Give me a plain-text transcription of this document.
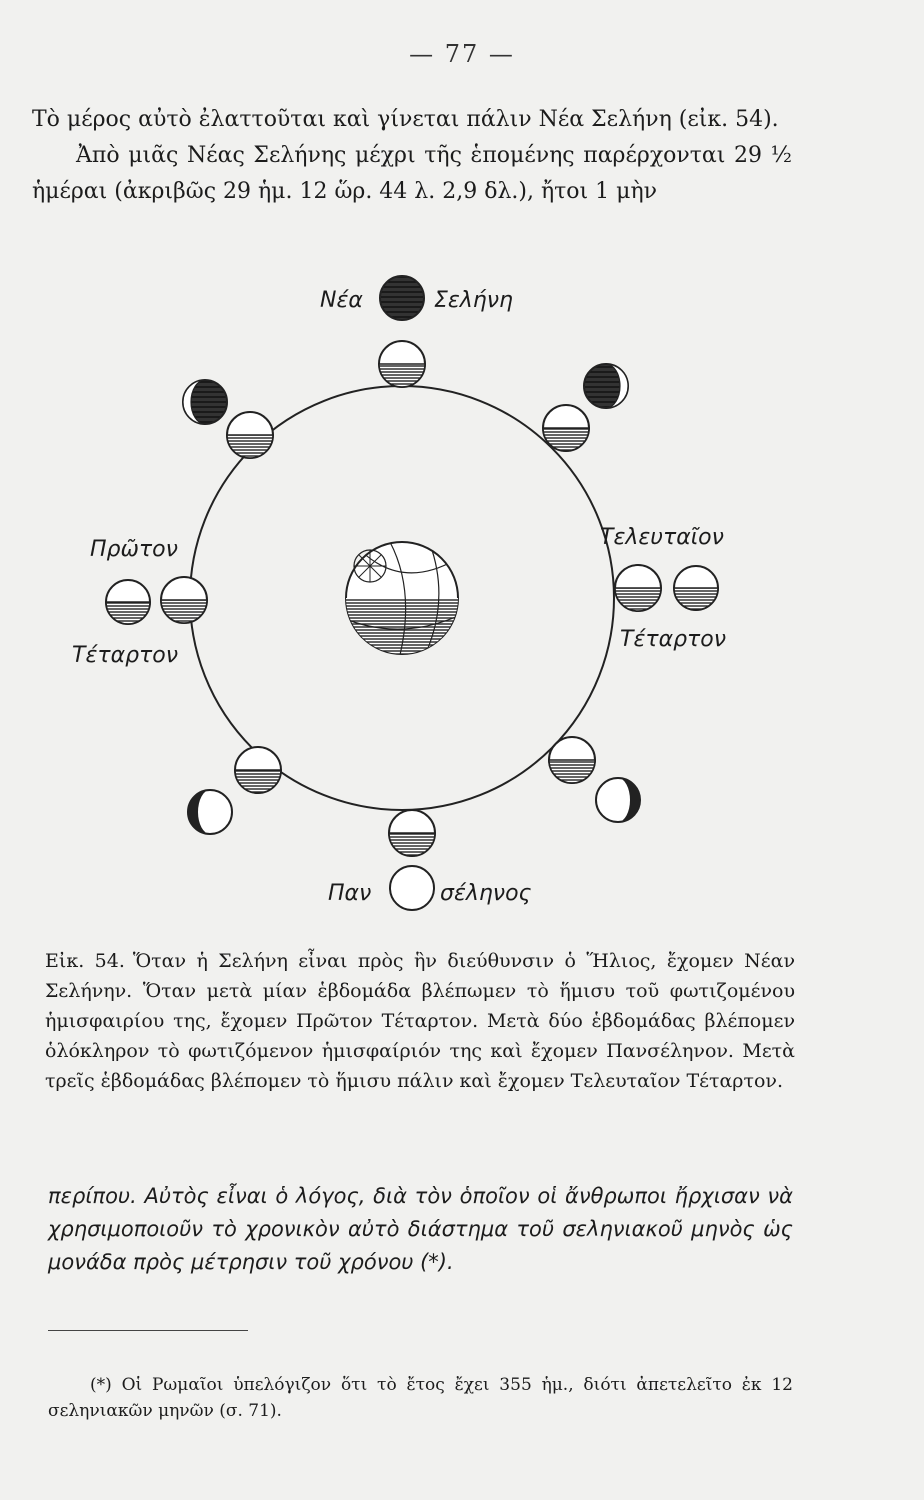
— 77 —

Τὸ μέρος αὐτὸ ἐλαττοῦται καὶ γίνεται πάλιν Νέα Σελήνη (εἰκ. 54).

Ἀπὸ μιᾶς Νέας Σελήνης μέχρι τῆς ἑπομένης παρέρχονται 29 ½ ἡμέραι (ἀκριβῶς 29 ἡμ. 12 ὥρ. 44 λ. 2,9 δλ.), ἤτοι 1 μὴν

Νέα	Σελήνη
Πρῶτον
Τέταρτον
Τελευταῖον
Τέταρτον
Παν	σέληνος
Εἰκ. 54. Ὅταν ἡ Σελήνη εἶναι πρὸς ἣν διεύθυνσιν ὁ Ἥλιος, ἔχομεν Νέαν Σελήνην. Ὅταν μετὰ μίαν ἑβδομάδα βλέπωμεν τὸ ἥμισυ τοῦ φωτιζομένου ἡμισφαιρίου της, ἔχομεν Πρῶτον Τέταρτον. Μετὰ δύο ἑβδομάδας βλέπομεν ὁλόκληρον τὸ φωτιζόμενον ἡμισφαίριόν της καὶ ἔχομεν Πανσέληνον. Μετὰ τρεῖς ἑβδομάδας βλέπομεν τὸ ἥμισυ πάλιν καὶ ἔχομεν Τελευταῖον Τέταρτον.
περίπου. Αὐτὸς εἶναι ὁ λόγος, διὰ τὸν ὁποῖον οἱ ἄνθρωποι ἤρχισαν νὰ χρησιμοποιοῦν τὸ χρονικὸν αὐτὸ διάστημα τοῦ σεληνιακοῦ μηνὸς ὡς μονάδα πρὸς μέτρησιν τοῦ χρόνου (*).
(*) Οἱ Ρωμαῖοι ὑπελόγιζον ὅτι τὸ ἔτος ἔχει 355 ἡμ., διότι ἀπετελεῖτο ἐκ 12 σεληνιακῶν μηνῶν (σ. 71).
